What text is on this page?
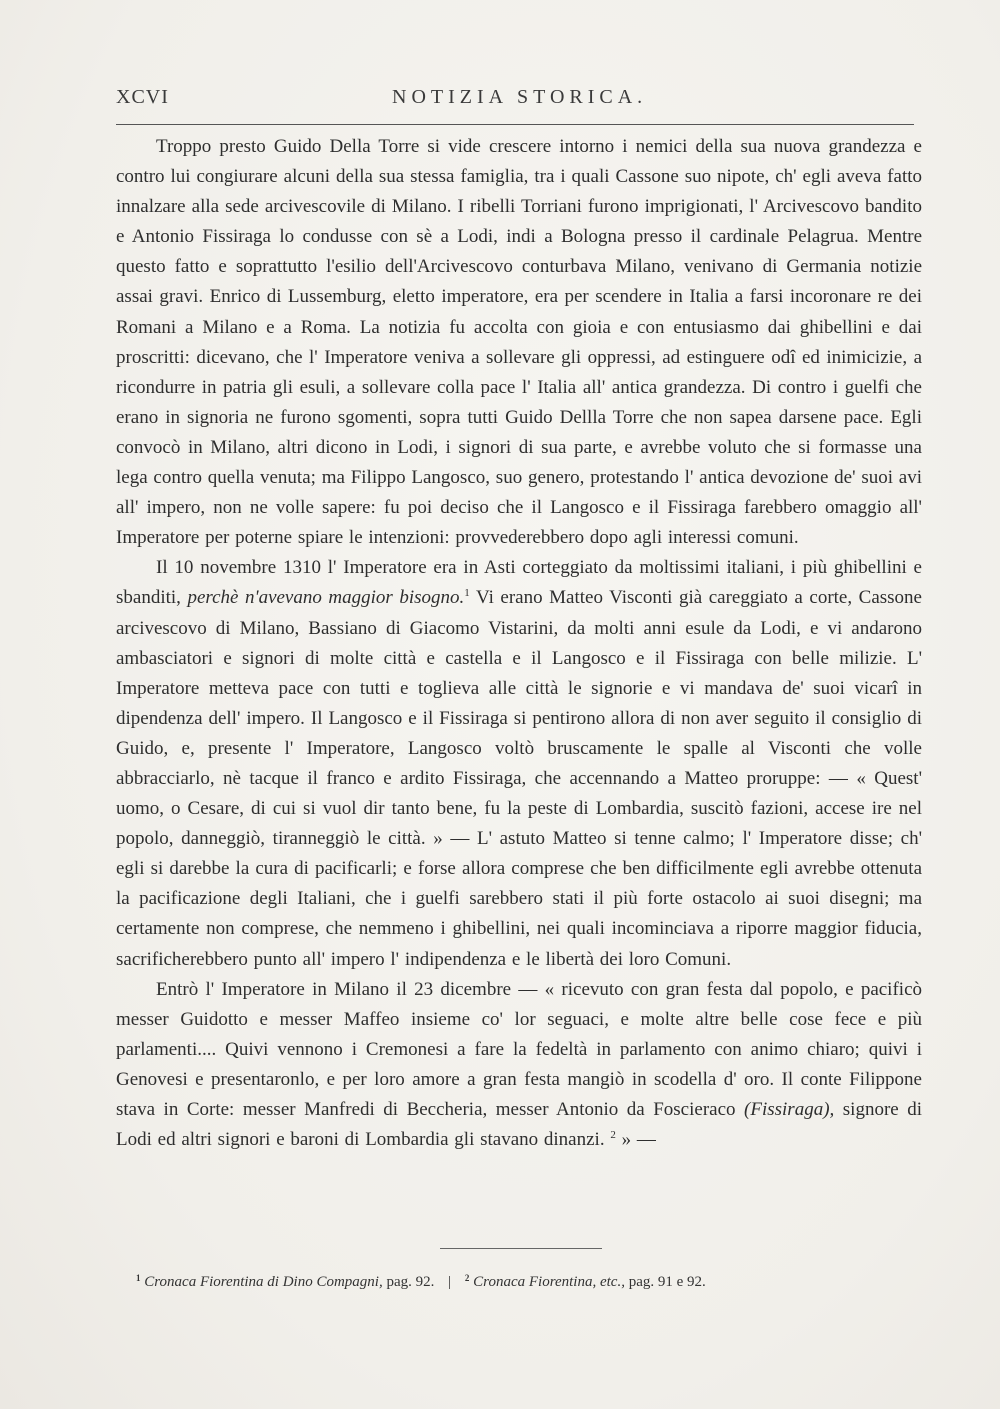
XCVI	NOTIZIA STORICA.

Troppo presto Guido Della Torre si vide crescere intorno i nemici della sua nuova grandezza e contro lui congiurare alcuni della sua stessa famiglia, tra i quali Cassone suo nipote, ch' egli aveva fatto innalzare alla sede arcivescovile di Milano. I ribelli Torriani furono imprigionati, l' Arcivescovo bandito e Antonio Fissiraga lo condusse con sè a Lodi, indi a Bologna presso il cardinale Pelagrua. Mentre questo fatto e soprattutto l'esilio dell'Arcivescovo conturbava Milano, venivano di Germania notizie assai gravi. Enrico di Lussemburg, eletto imperatore, era per scendere in Italia a farsi incoronare re dei Romani a Milano e a Roma. La notizia fu accolta con gioia e con entusiasmo dai ghibellini e dai proscritti: dicevano, che l' Imperatore veniva a sollevare gli oppressi, ad estinguere odî ed inimicizie, a ricondurre in patria gli esuli, a sollevare colla pace l' Italia all' antica grandezza. Di contro i guelfi che erano in signoria ne furono sgomenti, sopra tutti Guido Dellla Torre che non sapea darsene pace. Egli convocò in Milano, altri dicono in Lodi, i signori di sua parte, e avrebbe voluto che si formasse una lega contro quella venuta; ma Filippo Langosco, suo genero, protestando l' antica devozione de' suoi avi all' impero, non ne volle sapere: fu poi deciso che il Langosco e il Fissiraga farebbero omaggio all' Imperatore per poterne spiare le intenzioni: provvederebbero dopo agli interessi comuni.

Il 10 novembre 1310 l' Imperatore era in Asti corteggiato da moltissimi italiani, i più ghibellini e sbanditi, perchè n'avevano maggior bisogno.$^1$ Vi erano Matteo Visconti già careggiato a corte, Cassone arcivescovo di Milano, Bassiano di Giacomo Vistarini, da molti anni esule da Lodi, e vi andarono ambasciatori e signori di molte città e castella e il Langosco e il Fissiraga con belle milizie. L' Imperatore metteva pace con tutti e toglieva alle città le signorie e vi mandava de' suoi vicarî in dipendenza dell' impero. Il Langosco e il Fissiraga si pentirono allora di non aver seguito il consiglio di Guido, e, presente l' Imperatore, Langosco voltò bruscamente le spalle al Visconti che volle abbracciarlo, nè tacque il franco e ardito Fissiraga, che accennando a Matteo proruppe: — « Quest' uomo, o Cesare, di cui si vuol dir tanto bene, fu la peste di Lombardia, suscitò fazioni, accese ire nel popolo, danneggiò, tiranneggiò le città. » — L' astuto Matteo si tenne calmo; l' Imperatore disse; ch' egli si darebbe la cura di pacificarli; e forse allora comprese che ben difficilmente egli avrebbe ottenuta la pacificazione degli Italiani, che i guelfi sarebbero stati il più forte ostacolo ai suoi disegni; ma certamente non comprese, che nemmeno i ghibellini, nei quali incominciava a riporre maggior fiducia, sacrificherebbero punto all' impero l' indipendenza e le libertà dei loro Comuni.

Entrò l' Imperatore in Milano il 23 dicembre — « ricevuto con gran festa dal popolo, e pacificò messer Guidotto e messer Maffeo insieme co' lor seguaci, e molte altre belle cose fece e più parlamenti.... Quivi vennono i Cremonesi a fare la fedeltà in parlamento con animo chiaro; quivi i Genovesi e presentaronlo, e per loro amore a gran festa mangiò in scodella d' oro. Il conte Filippone stava in Corte: messer Manfredi di Beccheria, messer Antonio da Foscieraco (Fissiraga), signore di Lodi ed altri signori e baroni di Lombardia gli stavano dinanzi. $^2$ » —

$^1$ Cronaca Fiorentina di Dino Compagni, pag. 92. | $^2$ Cronaca Fiorentina, etc., pag. 91 e 92.
